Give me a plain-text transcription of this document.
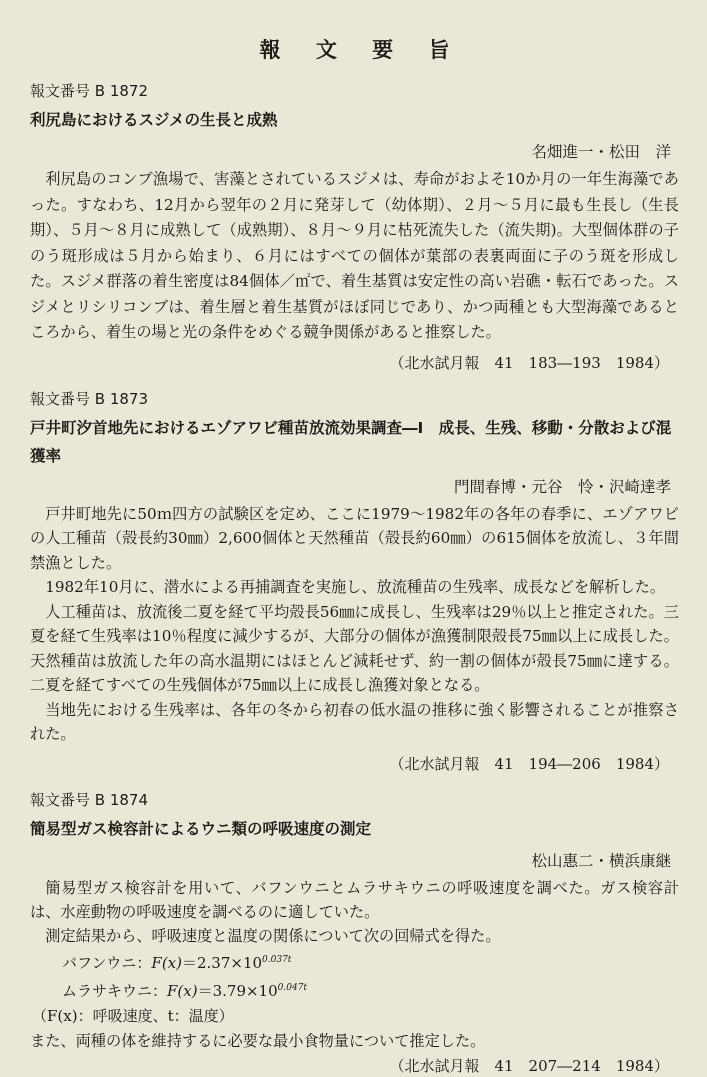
報 文 要 旨
報文番号 B 1872
利尻島におけるスジメの生長と成熟
名畑進一・松田　洋

利尻島のコンブ漁場で、害藻とされているスジメは、寿命がおよそ10か月の一年生海藻であった。すなわち、12月から翌年の２月に発芽して（幼体期）、２月～５月に最も生長し（生長期）、５月～８月に成熟して（成熟期）、８月～９月に枯死流失した（流失期)。大型個体群の子のう斑形成は５月から始まり、６月にはすべての個体が葉部の表裏両面に子のう斑を形成した。スジメ群落の着生密度は84個体／㎡で、着生基質は安定性の高い岩礁・転石であった。スジメとリシリコンブは、着生層と着生基質がほぼ同じであり、かつ両種とも大型海藻であるところから、着生の場と光の条件をめぐる競争関係があると推察した。

（北水試月報　41　183―193　1984）
報文番号 B 1873
戸井町汐首地先におけるエゾアワビ種苗放流効果調査―I　成長、生残、移動・分散および混獲率
門間春博・元谷　怜・沢崎達孝

戸井町地先に50ｍ四方の試験区を定め、ここに1979～1982年の各年の春季に、エゾアワビの人工種苗（殻長約30㎜）2,600個体と天然種苗（殻長約60㎜）の615個体を放流し、３年間禁漁とした。

1982年10月に、潜水による再捕調査を実施し、放流種苗の生残率、成長などを解析した。

人工種苗は、放流後二夏を経て平均殻長56㎜に成長し、生残率は29％以上と推定された。三夏を経て生残率は10％程度に減少するが、大部分の個体が漁獲制限殻長75㎜以上に成長した。天然種苗は放流した年の高水温期にはほとんど減耗せず、約一割の個体が殻長75㎜に達する。二夏を経てすべての生残個体が75㎜以上に成長し漁獲対象となる。

当地先における生残率は、各年の冬から初春の低水温の推移に強く影響されることが推察された。

（北水試月報　41　194―206　1984）
報文番号 B 1874
簡易型ガス検容計によるウニ類の呼吸速度の測定
松山惠二・横浜康継

簡易型ガス検容計を用いて、バフンウニとムラサキウニの呼吸速度を調べた。ガス検容計は、水産動物の呼吸速度を調べるのに適していた。

測定結果から、呼吸速度と温度の関係について次の回帰式を得た。

バフンウニ：$F(x)=2.37\times 10^{0.037t}$
ムラサキウニ：$F(x)=3.79\times 10^{0.047t}$
（F(x)：呼吸速度、t：温度）

また、両種の体を維持するに必要な最小食物量について推定した。

（北水試月報　41　207―214　1984）
